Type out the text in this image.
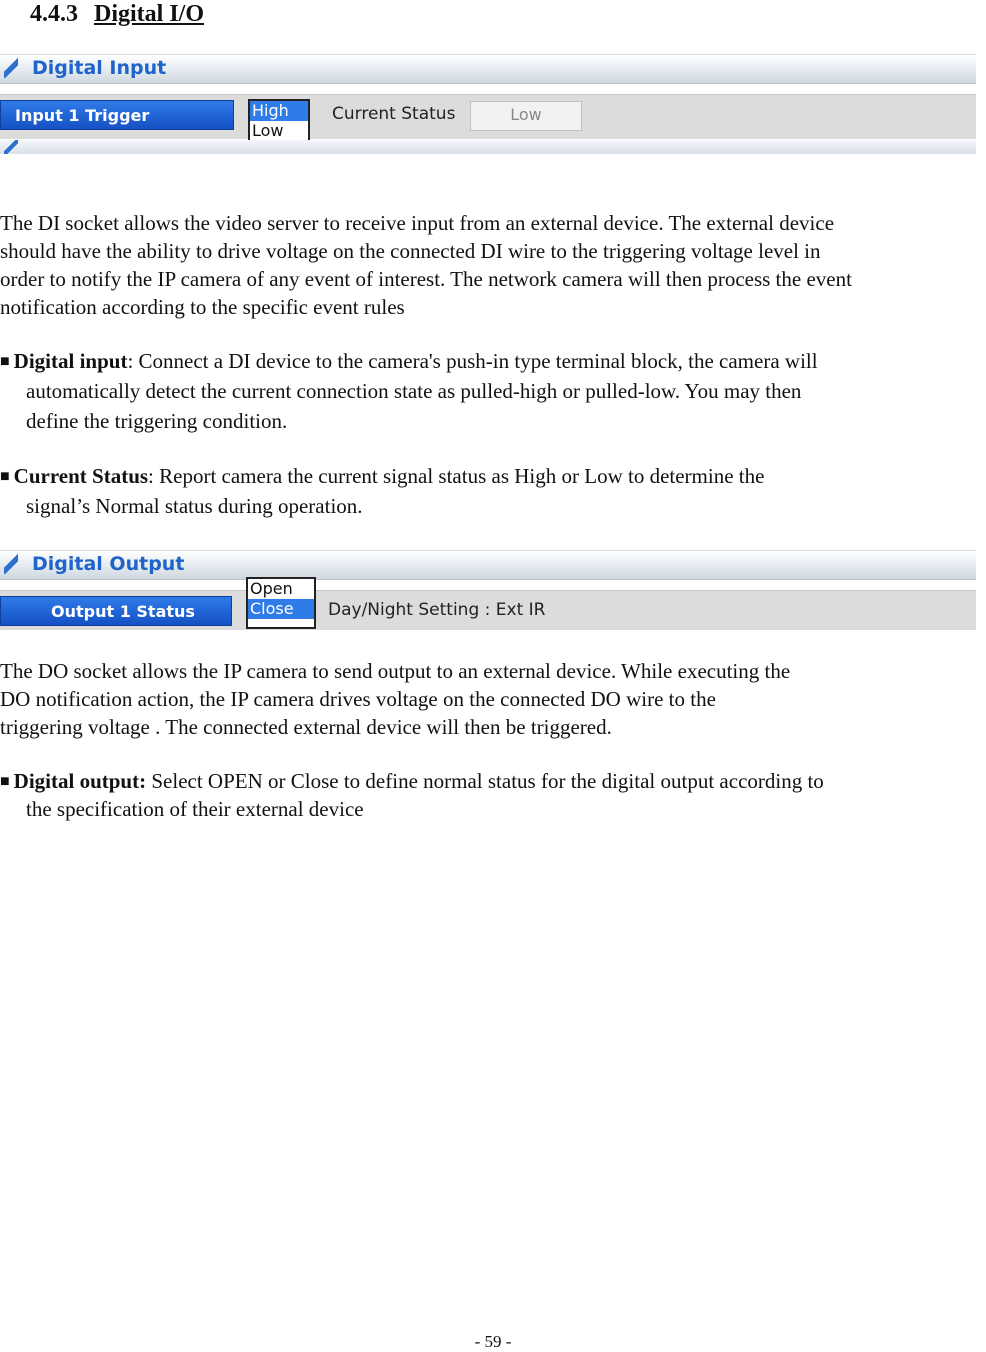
4.4.3 Digital I/O
Digital Input
Input 1 Trigger	High
Low
Current Status	Low
The DI socket allows the video server to receive input from an external device. The external device
should have the ability to drive voltage on the connected DI wire to the triggering voltage level in
order to notify the IP camera of any event of interest. The network camera will then process the event
notification according to the specific event rules
■ Digital input: Connect a DI device to the camera's push-in type terminal block, the camera will
automatically detect the current connection state as pulled-high or pulled-low. You may then
define the triggering condition.
■ Current Status: Report camera the current signal status as High or Low to determine the
signal’s Normal status during operation.
Digital Output
Output 1 Status
Open
Close	Day/Night Setting : Ext IR
The DO socket allows the IP camera to send output to an external device. While executing the
DO notification action, the IP camera drives voltage on the connected DO wire to the
triggering voltage . The connected external device will then be triggered.
■ Digital output: Select OPEN or Close to define normal status for the digital output according to
the specification of their external device
- 59 -
